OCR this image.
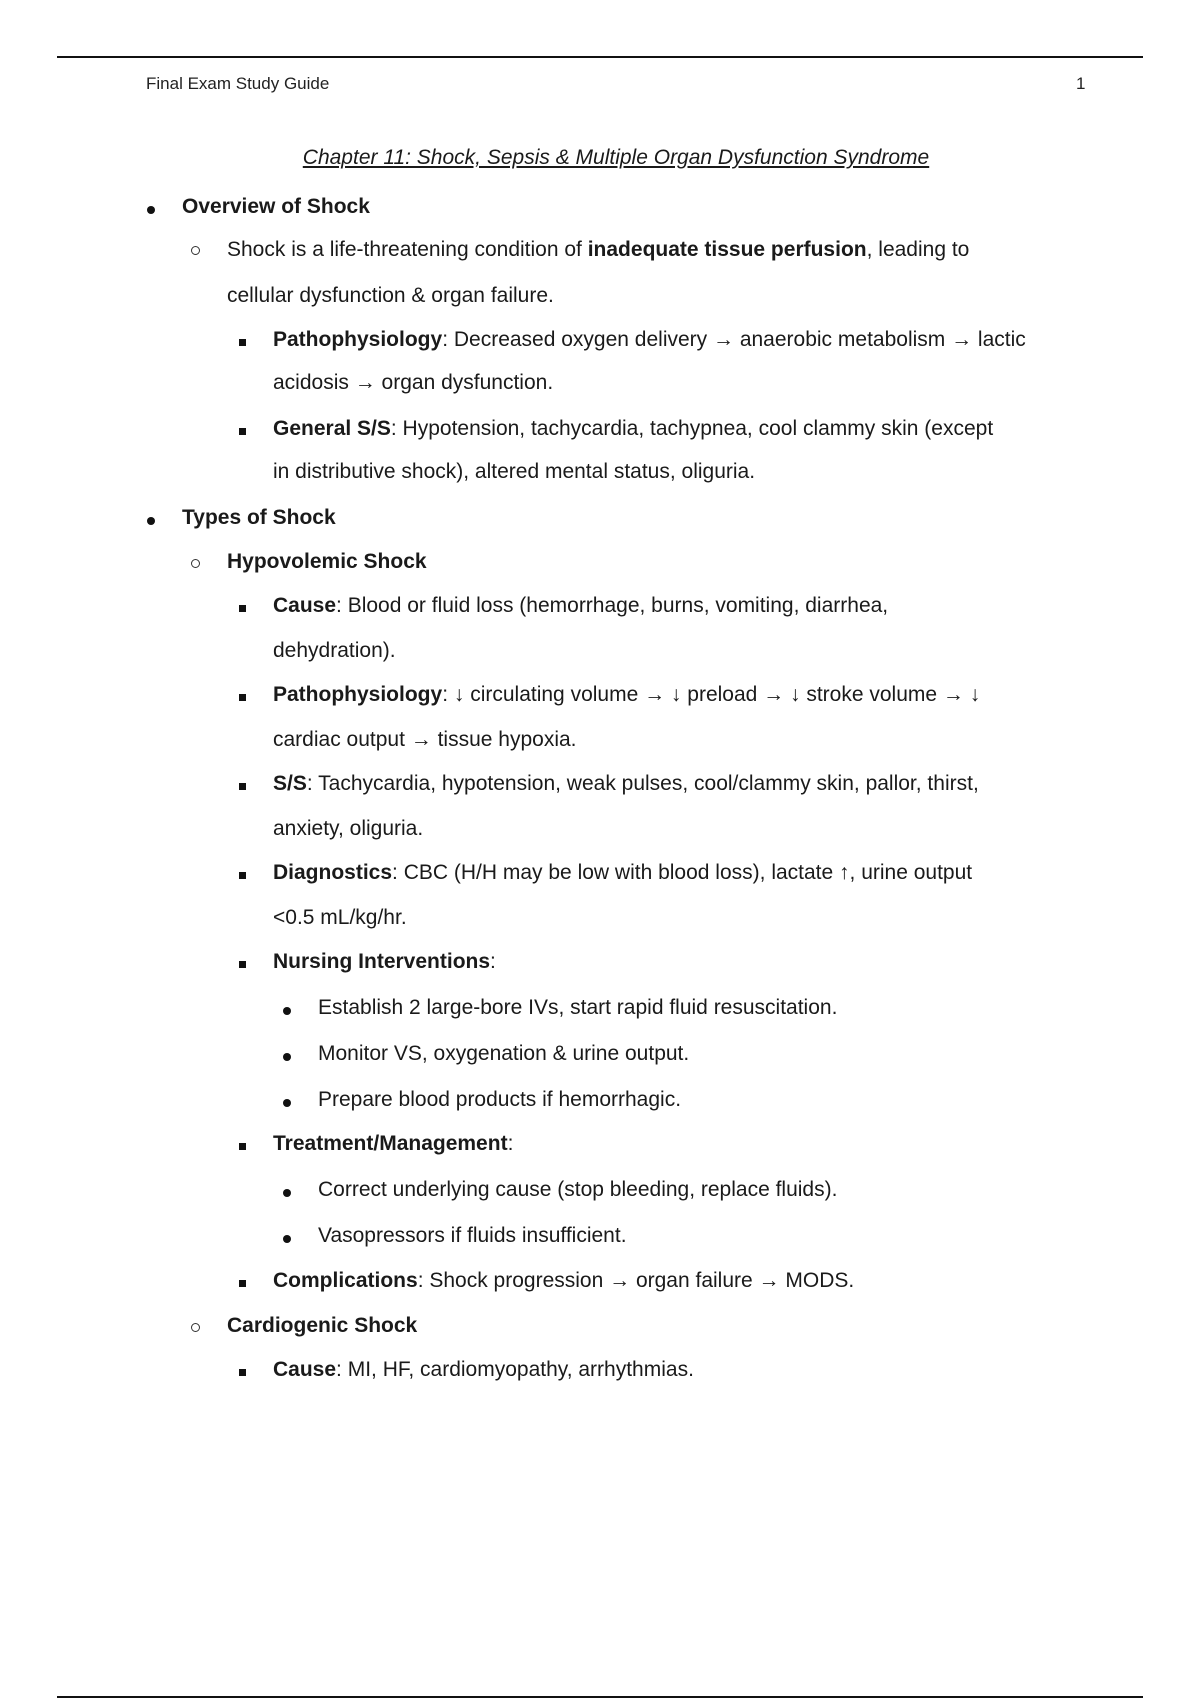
Final Exam Study Guide	1
Chapter 11: Shock, Sepsis & Multiple Organ Dysfunction Syndrome
Overview of Shock
Shock is a life-threatening condition of inadequate tissue perfusion, leading to
cellular dysfunction & organ failure.
Pathophysiology: Decreased oxygen delivery → anaerobic metabolism → lactic
acidosis → organ dysfunction.
General S/S: Hypotension, tachycardia, tachypnea, cool clammy skin (except
in distributive shock), altered mental status, oliguria.
Types of Shock
Hypovolemic Shock
Cause: Blood or fluid loss (hemorrhage, burns, vomiting, diarrhea,
dehydration).
Pathophysiology: ↓ circulating volume → ↓ preload → ↓ stroke volume → ↓
cardiac output → tissue hypoxia.
S/S: Tachycardia, hypotension, weak pulses, cool/clammy skin, pallor, thirst,
anxiety, oliguria.
Diagnostics: CBC (H/H may be low with blood loss), lactate ↑, urine output
<0.5 mL/kg/hr.
Nursing Interventions:
Establish 2 large-bore IVs, start rapid fluid resuscitation.
Monitor VS, oxygenation & urine output.
Prepare blood products if hemorrhagic.
Treatment/Management:
Correct underlying cause (stop bleeding, replace fluids).
Vasopressors if fluids insufficient.
Complications: Shock progression → organ failure → MODS.
Cardiogenic Shock
Cause: MI, HF, cardiomyopathy, arrhythmias.
